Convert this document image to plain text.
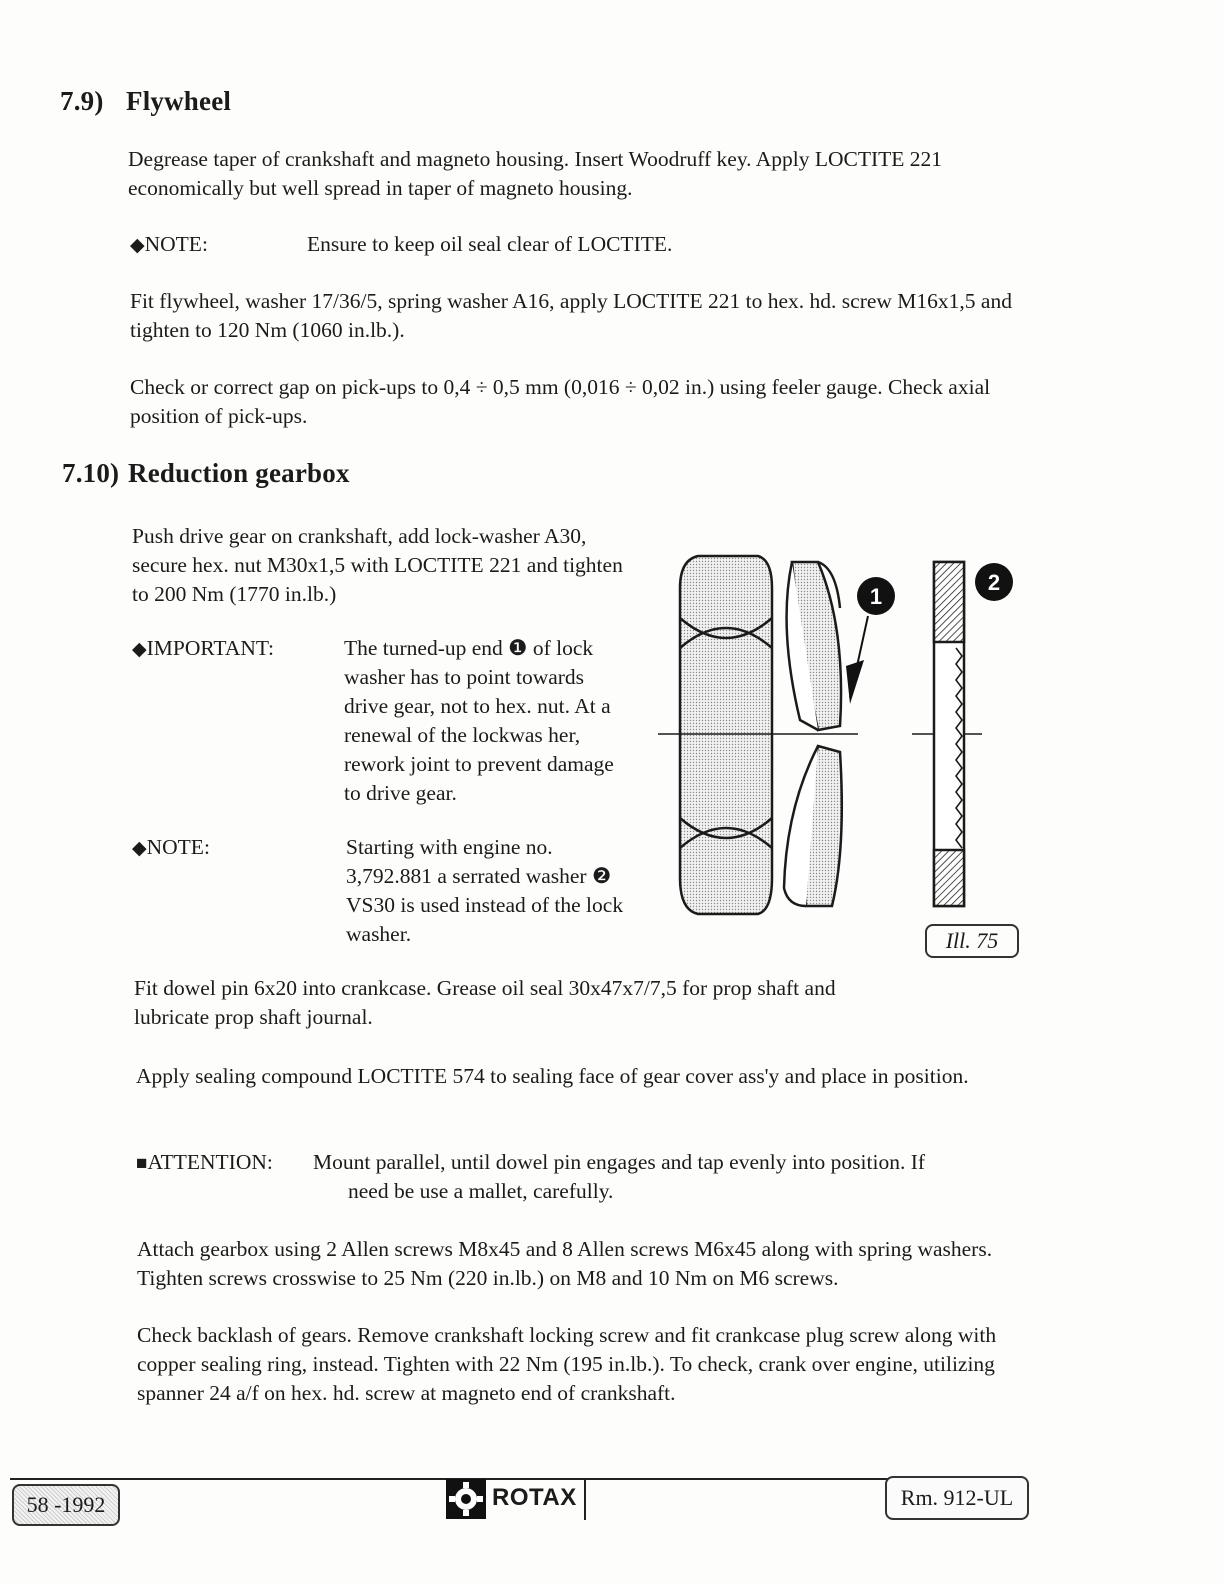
7.9) Flywheel

Degrease taper of crankshaft and magneto housing. Insert Woodruff key. Apply LOCTITE 221 economically but well spread in taper of magneto housing.

◆NOTE:	Ensure to keep oil seal clear of LOCTITE.

Fit flywheel, washer 17/36/5, spring washer A16, apply LOCTITE 221 to hex. hd. screw M16x1,5 and tighten to 120 Nm (1060 in.lb.).

Check or correct gap on pick-ups to 0,4 ÷ 0,5 mm (0,016 ÷ 0,02 in.) using feeler gauge. Check axial position of pick-ups.

7.10) Reduction gearbox

Push drive gear on crankshaft, add lock-washer A30, secure hex. nut M30x1,5 with LOCTITE 221 and tighten to 200 Nm (1770 in.lb.)

◆IMPORTANT:	The turned-up end ❶ of lock washer has to point towards drive gear, not to hex. nut. At a renewal of the lockwas her, rework joint to prevent damage to drive gear.

◆NOTE:	Starting with engine no. 3,792.881 a serrated washer ❷ VS30 is used instead of the lock washer.

1
2
Ill. 75

Fit dowel pin 6x20 into crankcase. Grease oil seal 30x47x7/7,5 for prop shaft and lubricate prop shaft journal.

Apply sealing compound LOCTITE 574 to sealing face of gear cover ass'y and place in position.

■ATTENTION: Mount parallel, until dowel pin engages and tap evenly into position. If

need be use a mallet, carefully.

Attach gearbox using 2 Allen screws M8x45 and 8 Allen screws M6x45 along with spring washers. Tighten screws crosswise to 25 Nm (220 in.lb.) on M8 and 10 Nm on M6 screws.

Check backlash of gears. Remove crankshaft locking screw and fit crankcase plug screw along with copper sealing ring, instead. Tighten with 22 Nm (195 in.lb.). To check, crank over engine, utilizing spanner 24 a/f on hex. hd. screw at magneto end of crankshaft.

58 -1992	ROTAX	Rm. 912-UL
